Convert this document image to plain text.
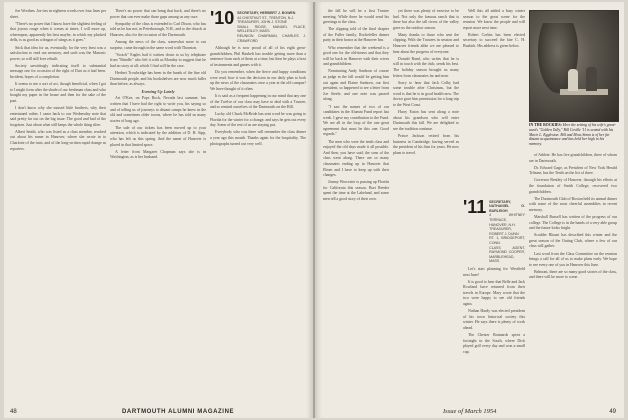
Joe Worthen. Joe ties in eighteen words over four lines per sheet.

"There's no power that I know have the slightest feeling of that joyous rouge when it comes at times, I will more up, whereupon, apparently his best maybe, in which my plucked dells, is as good as a dragon of stings as it goes."

Stick that idea for us, eventually, for the very least was a satisfaction to read our memory, and such was the Masonic power, so will still love rebuilt.

Society unwittingly indicating itself to substantial message one for occasion of the right of Dart as it had been. Incident, hopes of a completion.

It seems to me a sort of act, though beneficial, when I got to I might form after the shade of our freshman class and who bought my paper in the house and then for the sake of the past.

I don't know why she missed little brothers, why their entertained rather. I came back to our Wednesday note that said pretty far out on the big issue. The good and bad of the forgotten. Just about what still keeps the whole thing alive.

Albert Smith, who was listed as a class member, reached out about his name in Hanover, where she wrote in to Charlotte of the trust, and of the long-written rapid change as reporters.

There's no power that can bring that back, and there's no power that can ever make those gaps among us any cure.

Sympathy of the class is extended to Carl Dixon, who has told us he has not, in Peterborough, N.H., and to the church at Hanover, also for the occasion of the Dartmouth.

Among the news of the class, somewhat more to our surprise, came through in the same word with Thornton.

"Scotch" Eagles had it written down to us by telephone from "Brindle" who left it with us Monday to suggest that he had no story at all; which I find will be the case.

Herbert Trowbridge has been in the hands of the fine old Dartmouth people, and his bookshelves are now much fuller than before, as always.

Evening Up Lately

Art O'Kee, on Pops Rock, Nevada last summer, has written that I have had the right to write you, his saying so and of telling us of journeys to distant camps he knew in the old and sometimes older towns, where he has told us many stories of long ago.

The sale of our tickets has been moved up to your attention, which is indicated by the addition of D. H. Sipp, who has left us this spring. And the name of Hanover is placed in that limited space.

A letter from Margaret Chapman says she is in Washington, as is her husband.

'10 SECRETARY, HERBERT J. BOWEN
44 CHESTNUT ST., TRENTON, N.J.
TREASURER, JOHN J. STONE
SMALL RIDGE, MANUEL PLACE, WELLESLEY, MASS.
REUNION CHAIRMAN, CHARLES J. CRAWFORD

Although he is now proud of all of his eight great-grandchildren, Phil Haubelt has trouble getting more than a sentence from each of them at a time, but then he plays a host of instruments and games with it.

Do you remember, when the fierce and happy conditions were read, how it was the decision in our daily plan to look up the news of the classmates once a year at the old campus? We have thought of it often.

It is said as a frequent happening in our mind that any one of the Twelve of our class may have to deal with a Trustee, and so remind ourselves of the Dartmouth on the Hill.

Lucky old Chuck McBride has sent word he was going to Florida for the winter for a change, and says he gets out every day. Some of the rest of us are staying put.

Everybody who was there will remember the class dinner a year ago this month. Thanks again for the hospitality. The photographs turned out very well.

48	DARTMOUTH ALUMNI MAGAZINE

the fall he will be a first Trustee meeting. While there he would send his greetings to the class.

The clipping told of the final chapter of the Fuller family, Rockefeller dinner party in their honor at the Hanover Inn.

Who remember that the weekend is a good one for the old-timers and that they will be back in Hanover with their wives and grandchildren.

Nominating Andy Sanborn of course as judge in the fall would be getting him out again and Elaine Sanborn, our first president, so happened to see a letter from Joe Steele, and one note was passed along.

"I saw the names of two of our candidates in the Alumni Fund report last week. I gave my contribution to the Fund. We are all in the loop of the one great agreement that must be this one. Good regards."

The men who were the tenth class and enjoyed the old days made it all possible. And then, you have said, the sons of the class went along. There are so many classmates ending up in Hanover that Elmer and I have to keep up with their changes.

Jimmy Worcester is passing up Florida for California this season. Burt Reeder spent the time at the Lakeland, and some men tell a good story of their own.

yet there was plenty of exercise to be had. Not only the famous ranch that is there but also the tall rivers of the valley gave us the outdoor season.

Many thanks to those who sent the clipping. With the Trustees in session and Hanover friends alike we are pleased to hear about the progress of everyone.

Donald Rand, who writes that he is still in touch with the club, sends his best. The holiday season brought us many letters from classmates far and near.

Sorry to hear that Jack Colby had some trouble after Christmas, but the word is that he is in good health now. The doctor gave him permission for a long trip to the West Coast.

Harry Eaton has sent along a note about his grandson who will enter Dartmouth this fall. We are delighted to see the tradition continue.

Prince Jackson retired from his business in Cambridge, having served as the president of his firm for years. He now plans to travel.

Well this all added a busy winter season to the great scene for the reunion. We know the people and will report more next time.

Robert Corbin has been elected secretary to succeed the late C. H. Buskirk. His address is given below.

'11 SECRETARY, NATHANIEL G. BURLEIGH
4 WHITNEY TERRACE, HANOVER, N.H.
TREASURER, ROBERT J. DUNN
RT. 1, BRIDGEPORT, CONN.
CLASS AGENT, RAYMOND COOPER, MARBLEHEAD, MASS.

Let's start planning for Westfield next June!

It is good to hear that Belle and Jack Rowland have returned from their travels in Europe. Mary wrote that the two were happy to see old friends again.

Nathan Hardy was elected president of his town historical society this winter. He says there is plenty of work ahead.

The Chester Brainards spent a fortnight in the South, where Dick played golf every day and won a small cup.

IN THE ROCKIES: Here the setting of his wife's great-aunt's "Golden Tally," Bill Coville '11 is seated with his Marie L. Eggleston. Bill and Moss Simm is of her far distant acquaintance and has held her high in his memory.

of Athlete. He has five grandchildren, three of whom are in Dartmouth.

Dr. Edward Gage, as President of New York Herald Tribune, has the Tenth on the list of three.

Governor Bentley of Hanover, through his efforts at the foundation of Smith College, recovered two grandchildren.

The Dartmouth Club of Boston held its annual dinner with some of the most cheerful assemblies in recent memory.

Marshall Russell has written of the progress of our college. The College is in the hands of a very able group and the future looks bright.

Scudder Blount has described this winter and the great season of the Outing Club, where a few of our class will gather.

Last word from the Class Committee on the reunion brings a call for all of us to make plans early. We hope to see every one of you in Hanover this June.

Belmont, there are so many good stories of the class, and there will be more to come.

Issue of March 1954	49
